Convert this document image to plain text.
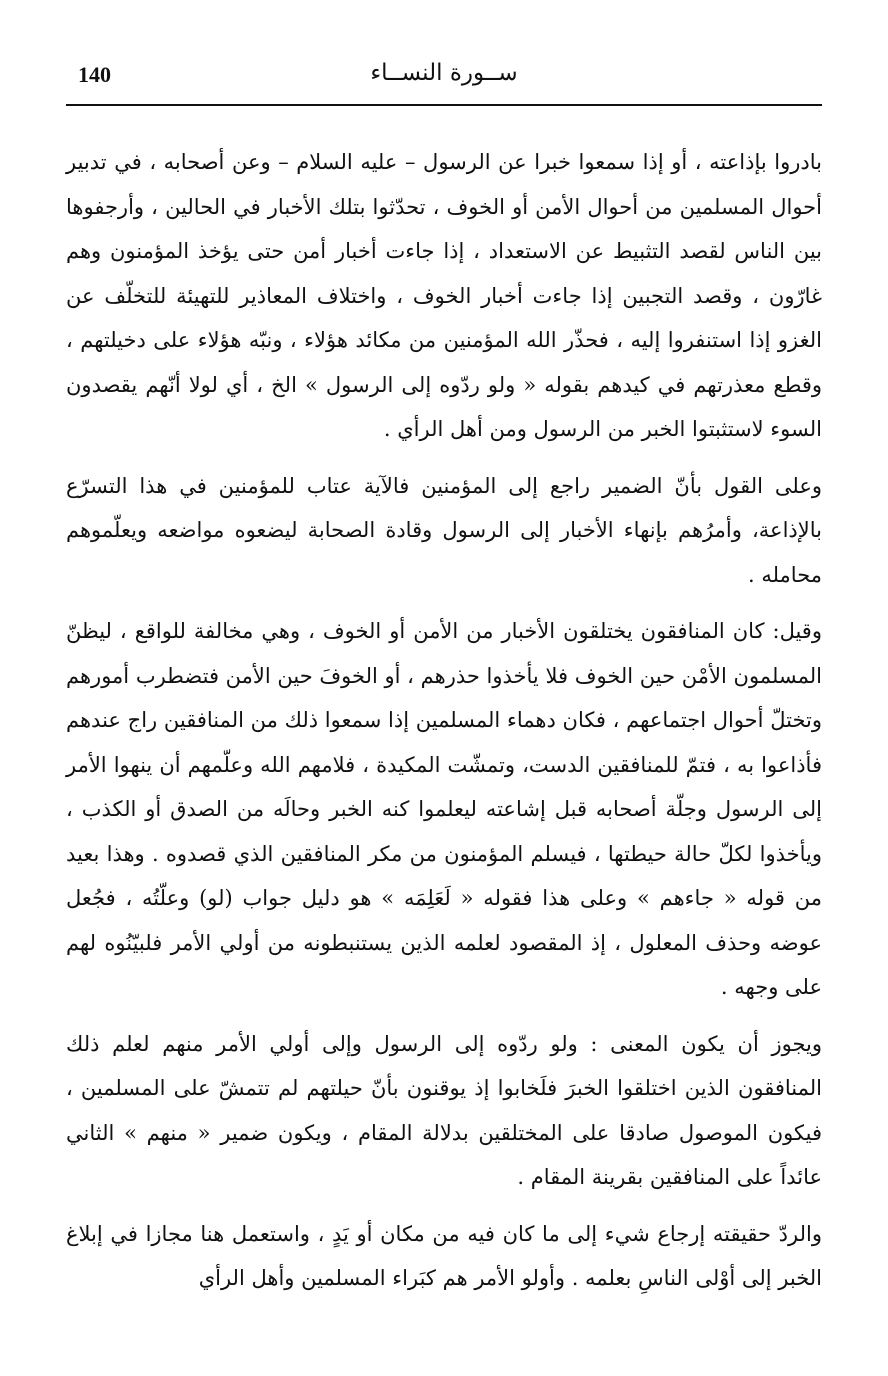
140	ســورة النســاء

بادروا بإذاعته ، أو إذا سمعوا خبرا عن الرسول – عليه السلام – وعن أصحابه ، في تدبير أحوال المسلمين من أحوال الأمن أو الخوف ، تحدّثوا بتلك الأخبار في الحالين ، وأرجفوها بين الناس لقصد التثبيط عن الاستعداد ، إذا جاءت أخبار أمن حتى يؤخذ المؤمنون وهم غارّون ، وقصد التجبين إذا جاءت أخبار الخوف ، واختلاف المعاذير للتهيئة للتخلّف عن الغزو إذا استنفروا إليه ، فحذّر الله المؤمنين من مكائد هؤلاء ، ونبّه هؤلاء على دخيلتهم ، وقطع معذرتهم في كيدهم بقوله « ولو ردّوه إلى الرسول » الخ ، أي لولا أنّهم يقصدون السوء لاستثبتوا الخبر من الرسول ومن أهل الرأي .

وعلى القول بأنّ الضمير راجع إلى المؤمنين فالآية عتاب للمؤمنين في هذا التسرّع بالإذاعة، وأمرُهم بإنهاء الأخبار إلى الرسول وقادة الصحابة ليضعوه مواضعه ويعلّموهم محامله .

وقيل: كان المنافقون يختلقون الأخبار من الأمن أو الخوف ، وهي مخالفة للواقع ، ليظنّ المسلمون الأمْن حين الخوف فلا يأخذوا حذرهم ، أو الخوفَ حين الأمن فتضطرب أمورهم وتختلّ أحوال اجتماعهم ، فكان دهماء المسلمين إذا سمعوا ذلك من المنافقين راج عندهم فأذاعوا به ، فتمّ للمنافقين الدست، وتمشّت المكيدة ، فلامهم الله وعلّمهم أن ينهوا الأمر إلى الرسول وجلّة أصحابه قبل إشاعته ليعلموا كنه الخبر وحالَه من الصدق أو الكذب ، ويأخذوا لكلّ حالة حيطتها ، فيسلم المؤمنون من مكر المنافقين الذي قصدوه . وهذا بعيد من قوله « جاءهم » وعلى هذا فقوله « لَعَلِمَه » هو دليل جواب (لو) وعلّتُه ، فجُعل عوضه وحذف المعلول ، إذ المقصود لعلمه الذين يستنبطونه من أولي الأمر فلبيّنُوه لهم على وجهه .

ويجوز أن يكون المعنى : ولو ردّوه إلى الرسول وإلى أولي الأمر منهم لعلم ذلك المنافقون الذين اختلقوا الخبرَ فلَخابوا إذ يوقنون بأنّ حيلتهم لم تتمشّ على المسلمين ، فيكون الموصول صادقا على المختلقين بدلالة المقام ، ويكون ضمير « منهم » الثاني عائداً على المنافقين بقرينة المقام .

والردّ حقيقته إرجاع شيء إلى ما كان فيه من مكان أو يَدٍ ، واستعمل هنا مجازا في إبلاغ الخبر إلى أوْلى الناسِ بعلمه . وأولو الأمر هم كبَراء المسلمين وأهل الرأي
